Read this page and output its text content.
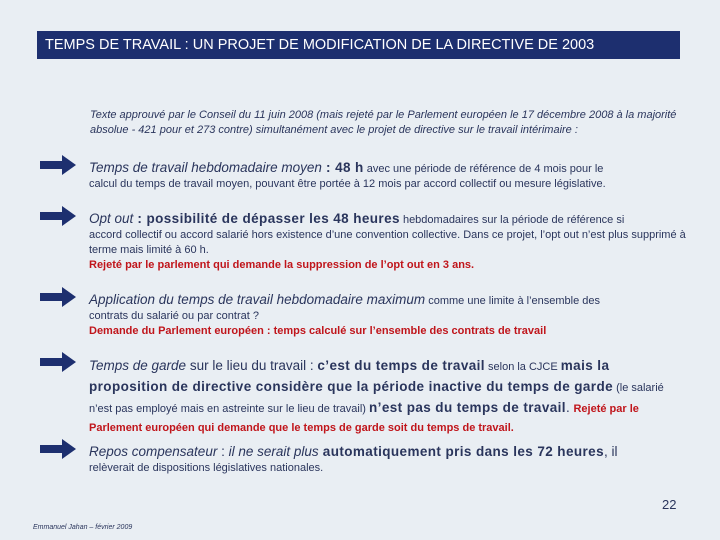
TEMPS DE TRAVAIL : UN PROJET DE MODIFICATION DE LA DIRECTIVE DE 2003
Texte approuvé par le Conseil du 11 juin 2008 (mais rejeté par le Parlement européen le 17 décembre 2008 à la majorité absolue - 421 pour et 273 contre) simultanément avec le projet de directive sur le travail intérimaire :
Temps de travail hebdomadaire moyen : 48 h avec une période de référence de 4 mois pour le
calcul du temps de travail moyen, pouvant être portée à 12 mois par accord collectif ou mesure législative.
Opt out : possibilité de dépasser les 48 heures hebdomadaires sur la période de référence si
accord collectif ou accord salarié hors existence d’une convention collective. Dans ce projet, l’opt out n’est plus supprimé à terme mais limité à 60 h.
Rejeté par le parlement qui demande la suppression de l’opt out en 3 ans.
Application du temps de travail hebdomadaire maximum comme une limite à l’ensemble des
contrats du salarié ou par contrat ?
Demande du Parlement européen : temps calculé sur l’ensemble des contrats de travail
Temps de garde sur le lieu du travail : c’est du temps de travail selon la CJCE mais la proposition de directive considère que la période inactive du temps de garde (le salarié n’est pas employé mais en astreinte sur le lieu de travail) n’est pas du temps de travail. Rejeté par le Parlement européen qui demande que le temps de garde soit du temps de travail.
Repos compensateur : il ne serait plus automatiquement pris dans les 72 heures, il
relèverait de dispositions législatives nationales.
22
Emmanuel Jahan – février 2009
